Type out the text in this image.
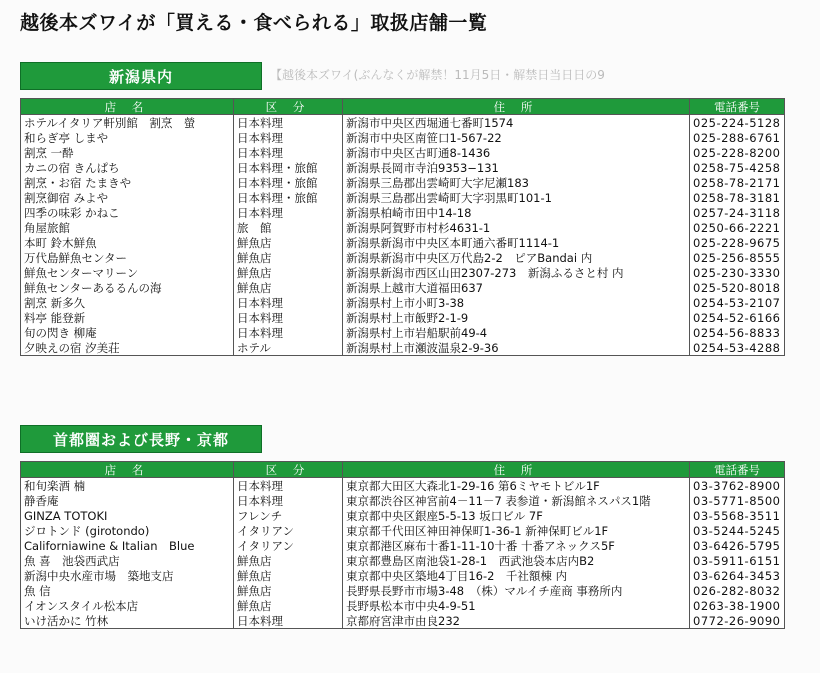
越後本ズワイが「買える・食べられる」取扱店舗一覧
【越後本ズワイ(ぶんなくが解禁！11月5日・解禁日当日日の9
新潟県内
店 名	区 分	住 所	電話番号
ホテルイタリア軒別館　割烹　螢	日本料理	新潟市中央区西堀通七番町1574	025-224-5128
和らぎ亭 しまや	日本料理	新潟市中央区南笹口1-567-22	025-288-6761
割烹 一酔	日本料理	新潟市中央区古町通8-1436	025-228-8200
カニの宿 きんぱち	日本料理・旅館	新潟県長岡市寺泊9353−131	0258-75-4258
割烹・お宿 たまきや	日本料理・旅館	新潟県三島郡出雲崎町大字尼瀬183	0258-78-2171
割烹御宿 みよや	日本料理・旅館	新潟県三島郡出雲崎町大字羽黒町101-1	0258-78-3181
四季の味彩 かねこ	日本料理	新潟県柏崎市田中14-18	0257-24-3118
角屋旅館	旅　館	新潟県阿賀野市村杉4631-1	0250-66-2221
本町 鈴木鮮魚	鮮魚店	新潟県新潟市中央区本町通六番町1114-1	025-228-9675
万代島鮮魚センター	鮮魚店	新潟県新潟市中央区万代島2-2　ピアBandai 内	025-256-8555
鮮魚センターマリーン	鮮魚店	新潟県新潟市西区山田2307-273　新潟ふるさと村 内	025-230-3330
鮮魚センターあるるんの海	鮮魚店	新潟県上越市大道福田637	025-520-8018
割烹 新多久	日本料理	新潟県村上市小町3-38	0254-53-2107
料亭 能登新	日本料理	新潟県村上市飯野2-1-9	0254-52-6166
旬の閃き 柳庵	日本料理	新潟県村上市岩船駅前49-4	0254-56-8833
夕映えの宿 汐美荘	ホテル	新潟県村上市瀬波温泉2-9-36	0254-53-4288
首都圏および長野・京都
店 名	区 分	住 所	電話番号
和旬楽酒 楠	日本料理	東京都大田区大森北1-29-16 第6ミヤモトビル1F	03-3762-8900
静香庵	日本料理	東京都渋谷区神宮前4－11－7 表参道・新潟館ネスパス1階	03-5771-8500
GINZA TOTOKI	フレンチ	東京都中央区銀座5-5-13 坂口ビル 7F	03-5568-3511
ジロトンド (girotondo)	イタリアン	東京都千代田区神田神保町1-36-1 新神保町ビル1F	03-5244-5245
Californiawine & Italian　Blue	イタリアン	東京都港区麻布十番1-11-10十番 十番アネックス5F	03-6426-5795
魚 喜　池袋西武店	鮮魚店	東京都豊島区南池袋1-28-1　西武池袋本店内B2	03-5911-6151
新潟中央水産市場　築地支店	鮮魚店	東京都中央区築地4丁目16-2　千社額棟 内	03-6264-3453
魚 信	鮮魚店	長野県長野市市場3-48　（株）マルイチ産商 事務所内	026-282-8032
イオンスタイル松本店	鮮魚店	長野県松本市中央4-9-51	0263-38-1900
いけ活かに 竹林	日本料理	京都府宮津市由良232	0772-26-9090
